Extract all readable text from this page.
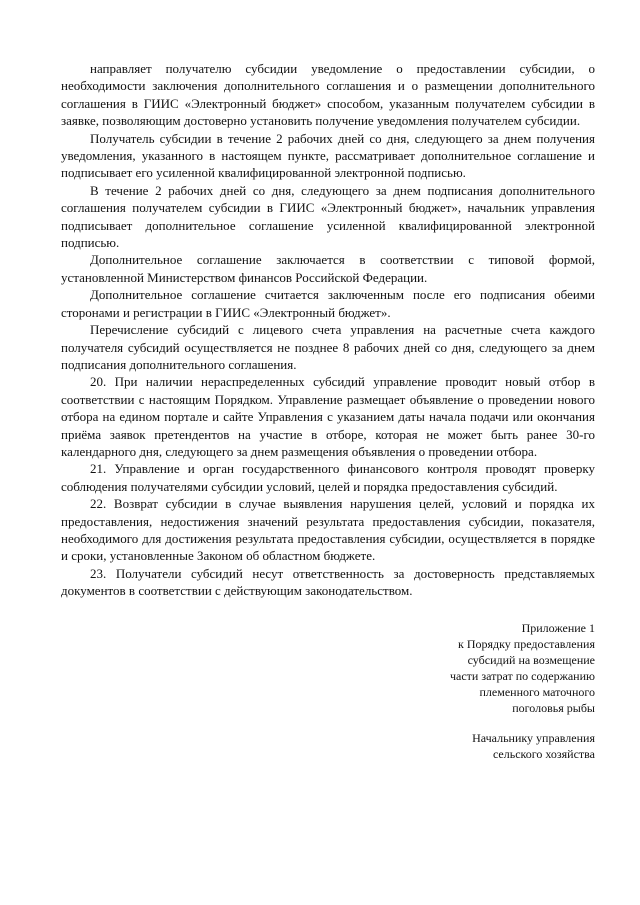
направляет получателю субсидии уведомление о предоставлении субсидии, о необходимости заключения дополнительного соглашения и о размещении дополнительного соглашения в ГИИС «Электронный бюджет» способом, указанным получателем субсидии в заявке, позволяющим достоверно установить получение уведомления получателем субсидии.

Получатель субсидии в течение 2 рабочих дней со дня, следующего за днем получения уведомления, указанного в настоящем пункте, рассматривает дополнительное соглашение и подписывает его усиленной квалифицированной электронной подписью.

В течение 2 рабочих дней со дня, следующего за днем подписания дополнительного соглашения получателем субсидии в ГИИС «Электронный бюджет», начальник управления подписывает дополнительное соглашение усиленной квалифицированной электронной подписью.

Дополнительное соглашение заключается в соответствии с типовой формой, установленной Министерством финансов Российской Федерации.

Дополнительное соглашение считается заключенным после его подписания обеими сторонами и регистрации в ГИИС «Электронный бюджет».

Перечисление субсидий с лицевого счета управления на расчетные счета каждого получателя субсидий осуществляется не позднее 8 рабочих дней со дня, следующего за днем подписания дополнительного соглашения.

20. При наличии нераспределенных субсидий управление проводит новый отбор в соответствии с настоящим Порядком. Управление размещает объявление о проведении нового отбора на едином портале и сайте Управления с указанием даты начала подачи или окончания приёма заявок претендентов на участие в отборе, которая не может быть ранее 30-го календарного дня, следующего за днем размещения объявления о проведении отбора.

21. Управление и орган государственного финансового контроля проводят проверку соблюдения получателями субсидии условий, целей и порядка предоставления субсидий.

22. Возврат субсидии в случае выявления нарушения целей, условий и порядка их предоставления, недостижения значений результата предоставления субсидии, показателя, необходимого для достижения результата предоставления субсидии, осуществляется в порядке и сроки, установленные Законом об областном бюджете.

23. Получатели субсидий несут ответственность за достоверность представляемых документов в соответствии с действующим законодательством.

Приложение 1
к Порядку предоставления
субсидий на возмещение
части затрат по содержанию
племенного маточного
поголовья рыбы
Начальнику управления
сельского хозяйства
